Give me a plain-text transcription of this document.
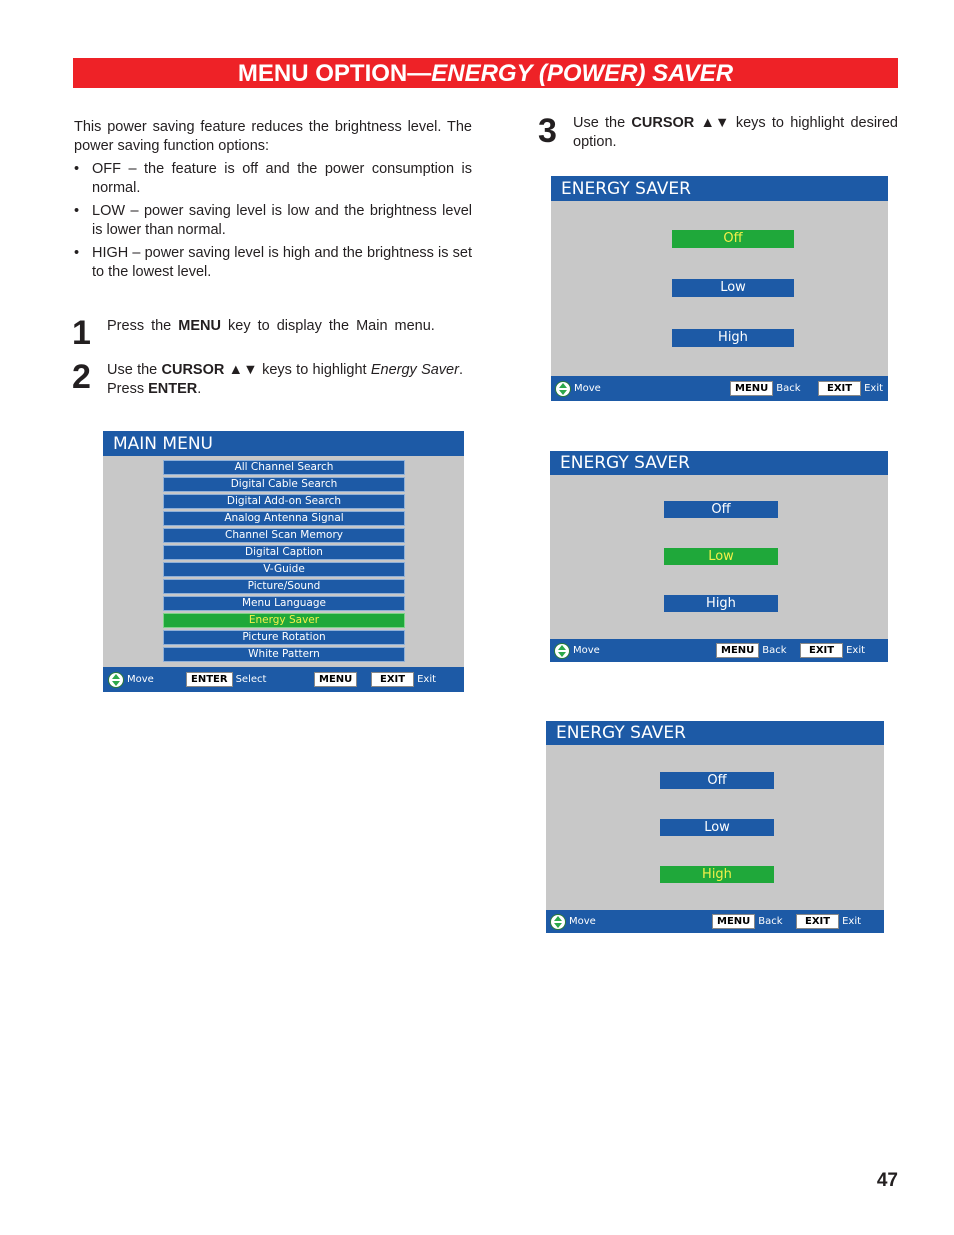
MENU OPTION—ENERGY (POWER) SAVER
This power saving feature reduces the brightness level. The power saving function options:
• OFF – the feature is off and the power consumption is normal.
• LOW – power saving level is low and the brightness level is lower than normal.
• HIGH – power saving level is high and the brightness is set to the lowest level.
1 Press the MENU key to display the Main menu.
2 Use the CURSOR ▲▼ keys to highlight Energy Saver. Press ENTER.
3 Use the CURSOR ▲▼ keys to highlight desired option.
MAIN MENU
All Channel Search
Digital Cable Search
Digital Add-on Search
Analog Antenna Signal
Channel Scan Memory
Digital Caption
V-Guide
Picture/Sound
Menu Language
Energy Saver
Picture Rotation
White Pattern
Move	ENTER Select	MENU	EXIT	Exit
ENERGY SAVER
Off
Low
High
Move	MENU Back	EXIT	Exit
ENERGY SAVER
Off
Low
High
Move	MENU Back	EXIT	Exit
ENERGY SAVER
Off
Low
High
Move	MENU Back	EXIT	Exit
47
